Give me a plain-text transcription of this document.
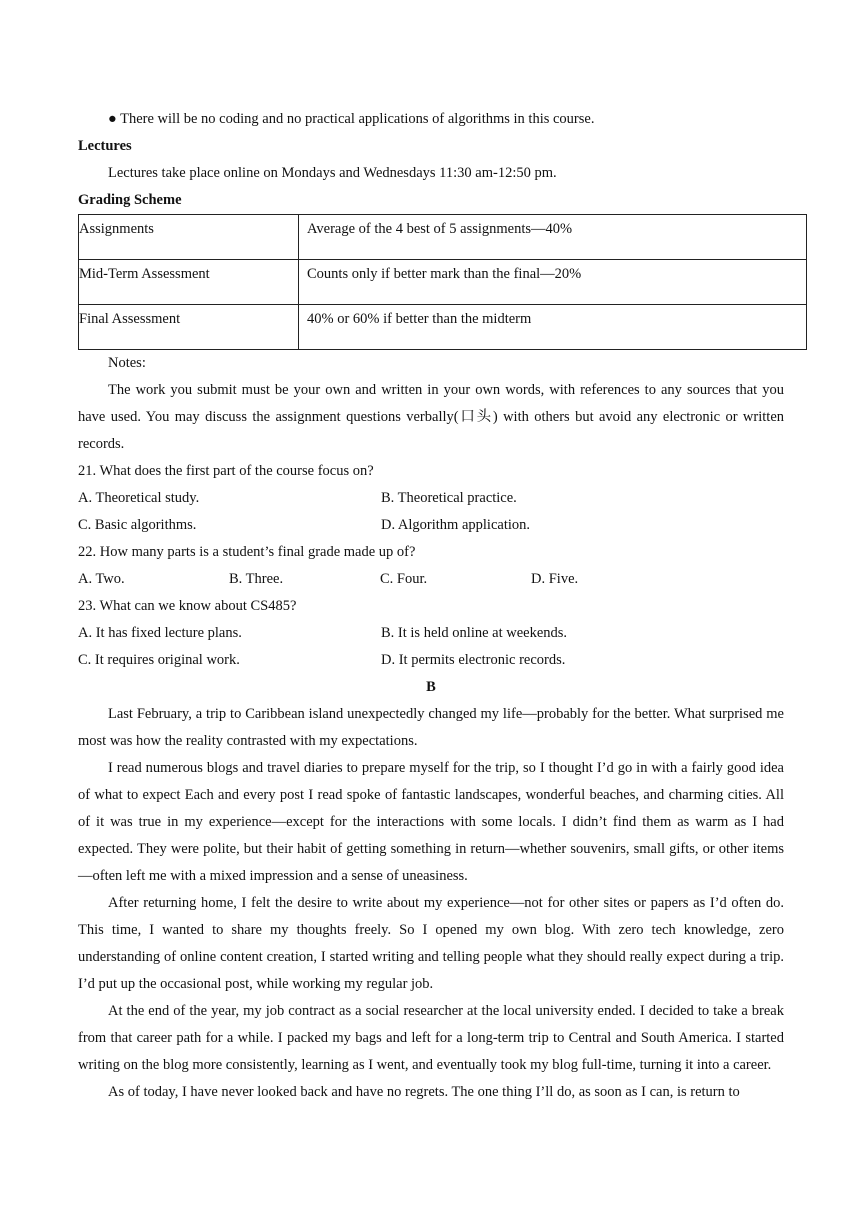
● There will be no coding and no practical applications of algorithms in this course.
Lectures
Lectures take place online on Mondays and Wednesdays 11:30 am-12:50 pm.
Grading Scheme
Assignments	Average of the 4 best of 5 assignments—40%
Mid-Term Assessment	Counts only if better mark than the final—20%
Final Assessment	40% or 60% if better than the midterm
Notes:

The work you submit must be your own and written in your own words, with references to any sources that you have used. You may discuss the assignment questions verbally(口头) with others but avoid any electronic or written records.

21. What does the first part of the course focus on?
A. Theoretical study.	B. Theoretical practice.
C. Basic algorithms.	D. Algorithm application.
22. How many parts is a student’s final grade made up of?
A. Two.	B. Three.	C. Four.	D. Five.
23. What can we know about CS485?
A. It has fixed lecture plans.	B. It is held online at weekends.
C. It requires original work.	D. It permits electronic records.
B

Last February, a trip to Caribbean island unexpectedly changed my life—probably for the better. What surprised me most was how the reality contrasted with my expectations.

I read numerous blogs and travel diaries to prepare myself for the trip, so I thought I’d go in with a fairly good idea of what to expect Each and every post I read spoke of fantastic landscapes, wonderful beaches, and charming cities. All of it was true in my experience—except for the interactions with some locals. I didn’t find them as warm as I had expected. They were polite, but their habit of getting something in return—whether souvenirs, small gifts, or other items—often left me with a mixed impression and a sense of uneasiness.

After returning home, I felt the desire to write about my experience—not for other sites or papers as I’d often do. This time, I wanted to share my thoughts freely. So I opened my own blog. With zero tech knowledge, zero understanding of online content creation, I started writing and telling people what they should really expect during a trip. I’d put up the occasional post, while working my regular job.

At the end of the year, my job contract as a social researcher at the local university ended. I decided to take a break from that career path for a while. I packed my bags and left for a long-term trip to Central and South America. I started writing on the blog more consistently, learning as I went, and eventually took my blog full-time, turning it into a career.

As of today, I have never looked back and have no regrets. The one thing I’ll do, as soon as I can, is return to
